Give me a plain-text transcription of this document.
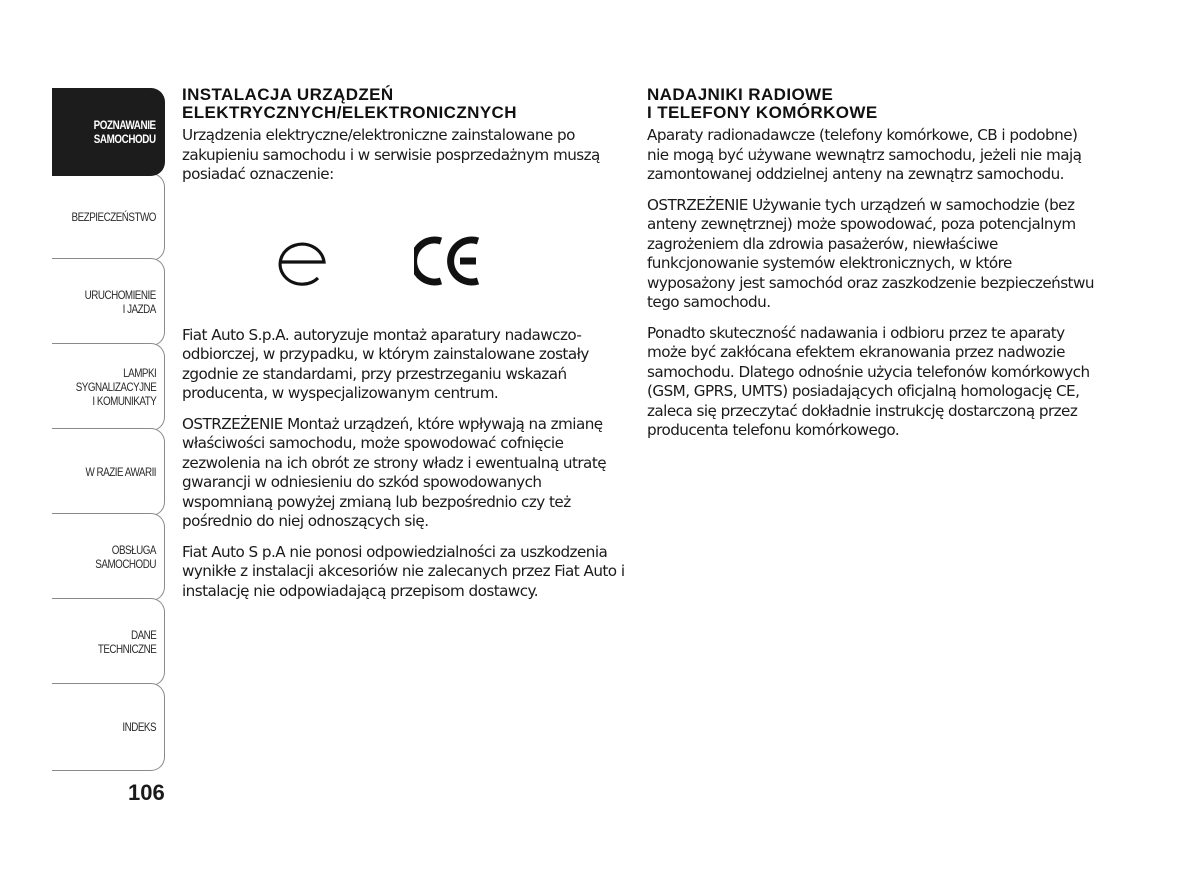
POZNAWANIE
SAMOCHODU
BEZPIECZEŃSTWO
URUCHOMIENIE
I JAZDA
LAMPKI
SYGNALIZACYJNE
I KOMUNIKATY
W RAZIE AWARII
OBSŁUGA
SAMOCHODU
DANE
TECHNICZNE
INDEKS
106
INSTALACJA URZĄDZEŃ
ELEKTRYCZNYCH/ELEKTRONICZNYCH

Urządzenia elektryczne/elektroniczne zainstalowane po zakupieniu samochodu i w serwisie posprzedażnym muszą posiadać oznaczenie:

Fiat Auto S.p.A. autoryzuje montaż aparatury nadawczo-odbiorczej, w przypadku, w którym zainstalowane zostały zgodnie ze standardami, przy przestrzeganiu wskazań producenta, w wyspecjalizowanym centrum.

OSTRZEŻENIE Montaż urządzeń, które wpływają na zmianę właściwości samochodu, może spowodować cofnięcie zezwolenia na ich obrót ze strony władz i ewentualną utratę gwarancji w odniesieniu do szkód spowodowanych wspomnianą powyżej zmianą lub bezpośrednio czy też pośrednio do niej odnoszących się.

Fiat Auto S p.A nie ponosi odpowiedzialności za uszkodzenia wynikłe z instalacji akcesoriów nie zalecanych przez Fiat Auto i instalację nie odpowiadającą przepisom dostawcy.

NADAJNIKI RADIOWE
I TELEFONY KOMÓRKOWE

Aparaty radionadawcze (telefony komórkowe, CB i podobne) nie mogą być używane wewnątrz samochodu, jeżeli nie mają zamontowanej oddzielnej anteny na zewnątrz samochodu.

OSTRZEŻENIE Używanie tych urządzeń w samochodzie (bez anteny zewnętrznej) może spowodować, poza potencjalnym zagrożeniem dla zdrowia pasażerów, niewłaściwe funkcjonowanie systemów elektronicznych, w które wyposażony jest samochód oraz zaszkodzenie bezpieczeństwu tego samochodu.

Ponadto skuteczność nadawania i odbioru przez te aparaty może być zakłócana efektem ekranowania przez nadwozie samochodu. Dlatego odnośnie użycia telefonów komórkowych (GSM, GPRS, UMTS) posiadających oficjalną homologację CE, zaleca się przeczytać dokładnie instrukcję dostarczoną przez producenta telefonu komórkowego.
